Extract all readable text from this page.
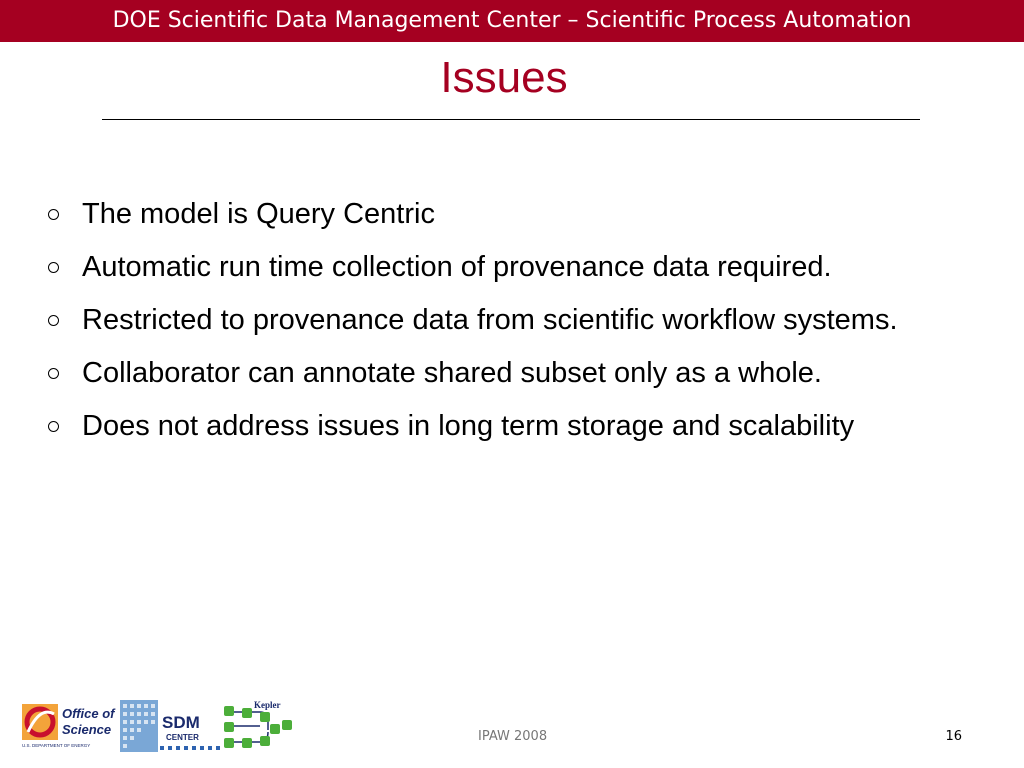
DOE Scientific Data Management Center – Scientific Process Automation
Issues
The model is Query Centric
Automatic run time collection of provenance data required.
Restricted to provenance data from scientific workflow systems.
Collaborator can annotate shared subset only as a whole.
Does not address issues in long term storage and scalability
Office of
Science
U.S. DEPARTMENT OF ENERGY
SDM
CENTER
Kepler
IPAW 2008	16
